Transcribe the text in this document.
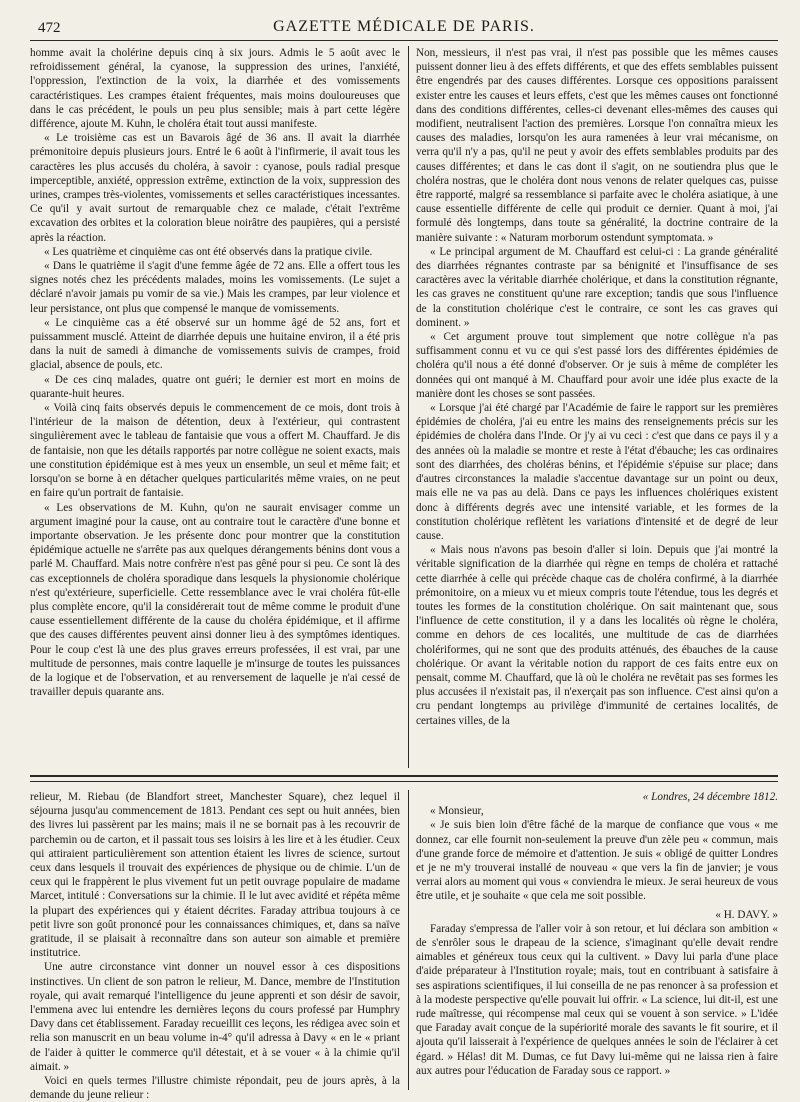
472	GAZETTE MÉDICALE DE PARIS.

homme avait la cholérine depuis cinq à six jours. Admis le 5 août avec le refroidissement général, la cyanose, la suppression des urines, l'anxiété, l'oppression, l'extinction de la voix, la diarrhée et des vomissements caractéristiques. Les crampes étaient fréquentes, mais moins douloureuses que dans le cas précédent, le pouls un peu plus sensible; mais à part cette légère différence, ajoute M. Kuhn, le choléra était tout aussi manifeste.

« Le troisième cas est un Bavarois âgé de 36 ans. Il avait la diarrhée prémonitoire depuis plusieurs jours. Entré le 6 août à l'infirmerie, il avait tous les caractères les plus accusés du choléra, à savoir : cyanose, pouls radial presque imperceptible, anxiété, oppression extrême, extinction de la voix, suppression des urines, crampes très-violentes, vomissements et selles caractéristiques incessantes. Ce qu'il y avait surtout de remarquable chez ce malade, c'était l'extrême excavation des orbites et la coloration bleue noirâtre des paupières, qui a persisté après la réaction.

« Les quatrième et cinquième cas ont été observés dans la pratique civile.

« Dans le quatrième il s'agit d'une femme âgée de 72 ans. Elle a offert tous les signes notés chez les précédents malades, moins les vomissements. (Le sujet a déclaré n'avoir jamais pu vomir de sa vie.) Mais les crampes, par leur violence et leur persistance, ont plus que compensé le manque de vomissements.

« Le cinquième cas a été observé sur un homme âgé de 52 ans, fort et puissamment musclé. Atteint de diarrhée depuis une huitaine environ, il a été pris dans la nuit de samedi à dimanche de vomissements suivis de crampes, froid glacial, absence de pouls, etc.

« De ces cinq malades, quatre ont guéri; le dernier est mort en moins de quarante-huit heures.

« Voilà cinq faits observés depuis le commencement de ce mois, dont trois à l'intérieur de la maison de détention, deux à l'extérieur, qui contrastent singulièrement avec le tableau de fantaisie que vous a offert M. Chauffard. Je dis de fantaisie, non que les détails rapportés par notre collègue ne soient exacts, mais une constitution épidémique est à mes yeux un ensemble, un seul et même fait; et lorsqu'on se borne à en détacher quelques particularités même vraies, on ne peut en faire qu'un portrait de fantaisie.

« Les observations de M. Kuhn, qu'on ne saurait envisager comme un argument imaginé pour la cause, ont au contraire tout le caractère d'une bonne et importante observation. Je les présente donc pour montrer que la constitution épidémique actuelle ne s'arrête pas aux quelques dérangements bénins dont vous a parlé M. Chauffard. Mais notre confrère n'est pas gêné pour si peu. Ce sont là des cas exceptionnels de choléra sporadique dans lesquels la physionomie cholérique n'est qu'extérieure, superficielle. Cette ressemblance avec le vrai choléra fût-elle plus complète encore, qu'il la considérerait tout de même comme le produit d'une cause essentiellement différente de la cause du choléra épidémique, et il affirme que des causes différentes peuvent ainsi donner lieu à des symptômes identiques. Pour le coup c'est là une des plus graves erreurs professées, il est vrai, par une multitude de personnes, mais contre laquelle je m'insurge de toutes les puissances de la logique et de l'observation, et au renversement de laquelle je n'ai cessé de travailler depuis quarante ans.

Non, messieurs, il n'est pas vrai, il n'est pas possible que les mêmes causes puissent donner lieu à des effets différents, et que des effets semblables puissent être engendrés par des causes différentes. Lorsque ces oppositions paraissent exister entre les causes et leurs effets, c'est que les mêmes causes ont fonctionné dans des conditions différentes, celles-ci devenant elles-mêmes des causes qui modifient, neutralisent l'action des premières. Lorsque l'on connaîtra mieux les causes des maladies, lorsqu'on les aura ramenées à leur vrai mécanisme, on verra qu'il n'y a pas, qu'il ne peut y avoir des effets semblables produits par des causes différentes; et dans le cas dont il s'agit, on ne soutiendra plus que le choléra nostras, que le choléra dont nous venons de relater quelques cas, puisse être rapporté, malgré sa ressemblance si parfaite avec le choléra asiatique, à une cause essentielle différente de celle qui produit ce dernier. Quant à moi, j'ai formulé dès longtemps, dans toute sa généralité, la doctrine contraire de la manière suivante : « Naturam morborum ostendunt symptomata. »

« Le principal argument de M. Chauffard est celui-ci : La grande généralité des diarrhées régnantes contraste par sa bénignité et l'insuffisance de ses caractères avec la véritable diarrhée cholérique, et dans la constitution régnante, les cas graves ne constituent qu'une rare exception; tandis que sous l'influence de la constitution cholérique c'est le contraire, ce sont les cas graves qui dominent. »

« Cet argument prouve tout simplement que notre collègue n'a pas suffisamment connu et vu ce qui s'est passé lors des différentes épidémies de choléra qu'il nous a été donné d'observer. Or je suis à même de compléter les données qui ont manqué à M. Chauffard pour avoir une idée plus exacte de la manière dont les choses se sont passées.

« Lorsque j'ai été chargé par l'Académie de faire le rapport sur les premières épidémies de choléra, j'ai eu entre les mains des renseignements précis sur les épidémies de choléra dans l'Inde. Or j'y ai vu ceci : c'est que dans ce pays il y a des années où la maladie se montre et reste à l'état d'ébauche; les cas ordinaires sont des diarrhées, des choléras bénins, et l'épidémie s'épuise sur place; dans d'autres circonstances la maladie s'accentue davantage sur un point ou deux, mais elle ne va pas au delà. Dans ce pays les influences cholériques existent donc à différents degrés avec une intensité variable, et les formes de la constitution cholérique reflètent les variations d'intensité et de degré de leur cause.

« Mais nous n'avons pas besoin d'aller si loin. Depuis que j'ai montré la véritable signification de la diarrhée qui règne en temps de choléra et rattaché cette diarrhée à celle qui précède chaque cas de choléra confirmé, à la diarrhée prémonitoire, on a mieux vu et mieux compris toute l'étendue, tous les degrés et toutes les formes de la constitution cholérique. On sait maintenant que, sous l'influence de cette constitution, il y a dans les localités où règne le choléra, comme en dehors de ces localités, une multitude de cas de diarrhées cholériformes, qui ne sont que des produits atténués, des ébauches de la cause cholérique. Or avant la véritable notion du rapport de ces faits entre eux on pensait, comme M. Chauffard, que là où le choléra ne revêtait pas ses formes les plus accusées il n'existait pas, il n'exerçait pas son influence. C'est ainsi qu'on a cru pendant longtemps au privilège d'immunité de certaines localités, de certaines villes, de la

relieur, M. Riebau (de Blandfort street, Manchester Square), chez lequel il séjourna jusqu'au commencement de 1813. Pendant ces sept ou huit années, bien des livres lui passèrent par les mains; mais il ne se bornait pas à les recouvrir de parchemin ou de carton, et il passait tous ses loisirs à les lire et à les étudier. Ceux qui attiraient particulièrement son attention étaient les livres de science, surtout ceux dans lesquels il trouvait des expériences de physique ou de chimie. L'un de ceux qui le frappèrent le plus vivement fut un petit ouvrage populaire de madame Marcet, intitulé : Conversations sur la chimie. Il le lut avec avidité et répéta même la plupart des expériences qui y étaient décrites. Faraday attribua toujours à ce petit livre son goût prononcé pour les connaissances chimiques, et, dans sa naïve gratitude, il se plaisait à reconnaître dans son auteur son aimable et première institutrice.

Une autre circonstance vint donner un nouvel essor à ces dispositions instinctives. Un client de son patron le relieur, M. Dance, membre de l'Institution royale, qui avait remarqué l'intelligence du jeune apprenti et son désir de savoir, l'emmena avec lui entendre les dernières leçons du cours professé par Humphry Davy dans cet établissement. Faraday recueillit ces leçons, les rédigea avec soin et relia son manuscrit en un beau volume in-4° qu'il adressa à Davy « en le « priant de l'aider à quitter le commerce qu'il détestait, et à se vouer « à la chimie qu'il aimait. »

Voici en quels termes l'illustre chimiste répondait, peu de jours après, à la demande du jeune relieur :

« Londres, 24 décembre 1812.

« Monsieur,

« Je suis bien loin d'être fâché de la marque de confiance que vous « me donnez, car elle fournit non-seulement la preuve d'un zèle peu « commun, mais d'une grande force de mémoire et d'attention. Je suis « obligé de quitter Londres et je ne m'y trouverai installé de nouveau « que vers la fin de janvier; je vous verrai alors au moment qui vous « conviendra le mieux. Je serai heureux de vous être utile, et je souhaite « que cela me soit possible.

« H. DAVY. »

Faraday s'empressa de l'aller voir à son retour, et lui déclara son ambition « de s'enrôler sous le drapeau de la science, s'imaginant qu'elle devait rendre aimables et généreux tous ceux qui la cultivent. » Davy lui parla d'une place d'aide préparateur à l'Institution royale; mais, tout en contribuant à satisfaire à ses aspirations scientifiques, il lui conseilla de ne pas renoncer à sa profession et à la modeste perspective qu'elle pouvait lui offrir. « La science, lui dit-il, est une rude maîtresse, qui récompense mal ceux qui se vouent à son service. » L'idée que Faraday avait conçue de la supériorité morale des savants le fit sourire, et il ajouta qu'il laisserait à l'expérience de quelques années le soin de l'éclairer à cet égard. » Hélas! dit M. Dumas, ce fut Davy lui-même qui ne laissa rien à faire aux autres pour l'éducation de Faraday sous ce rapport. »
